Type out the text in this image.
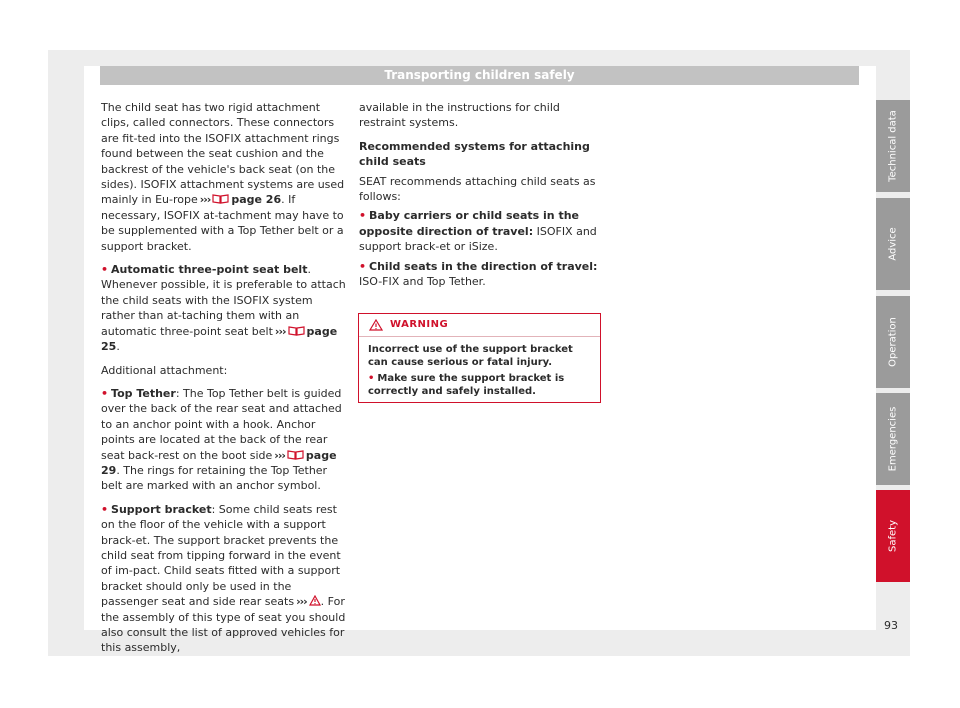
Transporting children safely

The child seat has two rigid attachment clips, called connectors. These connectors are fit-ted into the ISOFIX attachment rings found between the seat cushion and the backrest of the vehicle's back seat (on the sides). ISOFIX attachment systems are used mainly in Eu-rope ››› page 26. If necessary, ISOFIX at-tachment may have to be supplemented with a Top Tether belt or a support bracket.

• Automatic three-point seat belt. Whenever possible, it is preferable to attach the child seats with the ISOFIX system rather than at-taching them with an automatic three-point seat belt ››› page 25.

Additional attachment:

• Top Tether: The Top Tether belt is guided over the back of the rear seat and attached to an anchor point with a hook. Anchor points are located at the back of the rear seat back-rest on the boot side ››› page 29. The rings for retaining the Top Tether belt are marked with an anchor symbol.

• Support bracket: Some child seats rest on the floor of the vehicle with a support brack-et. The support bracket prevents the child seat from tipping forward in the event of im-pact. Child seats fitted with a support bracket should only be used in the passenger seat and side rear seats ››› . For the assembly of this type of seat you should also consult the list of approved vehicles for this assembly,

available in the instructions for child restraint systems.

Recommended systems for attaching child seats

SEAT recommends attaching child seats as follows:

• Baby carriers or child seats in the opposite direction of travel: ISOFIX and support brack-et or iSize.

• Child seats in the direction of travel: ISO-FIX and Top Tether.

WARNING

Incorrect use of the support bracket can cause serious or fatal injury.

• Make sure the support bracket is correctly and safely installed.

Technical data
Advice
Operation
Emergencies
Safety
93
